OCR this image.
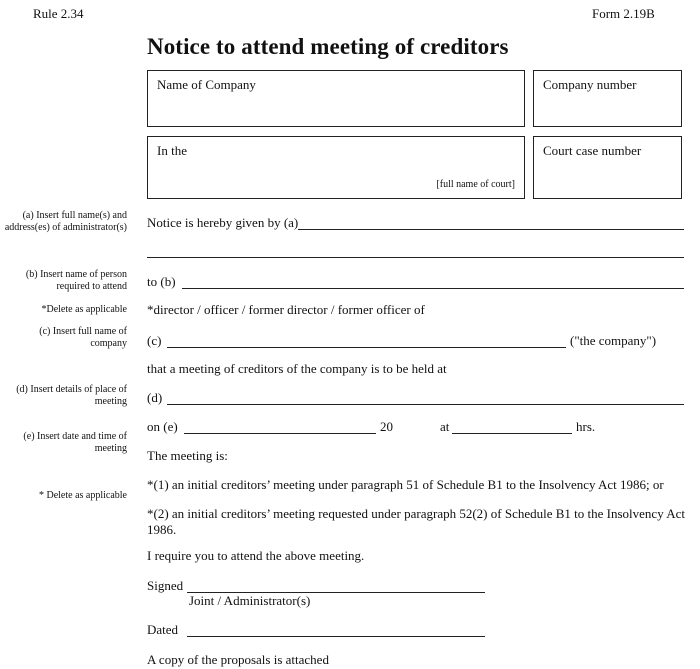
Rule 2.34	Form 2.19B
Notice to attend meeting of creditors
Name of Company	Company number
In the
[full name of court]
Court case number
(a) Insert full name(s) and
address(es) of administrator(s)
(b) Insert name of person
required to attend
*Delete as applicable
(c) Insert full name of
company
(d) Insert details of place of
meeting
(e) Insert date and time of
meeting
* Delete as applicable
Notice is hereby given by (a)
to (b)
*director / officer / former director / former officer of
(c)	("the company")
that a meeting of creditors of the company is to be held at
(d)
on (e)	20	at	hrs.
The meeting is:
*(1) an initial creditors’ meeting under paragraph 51 of Schedule B1 to the Insolvency Act 1986; or
*(2) an initial creditors’ meeting requested under paragraph 52(2) of Schedule B1 to the Insolvency Act
1986.
I require you to attend the above meeting.
Signed
Joint / Administrator(s)
Dated
A copy of the proposals is attached
